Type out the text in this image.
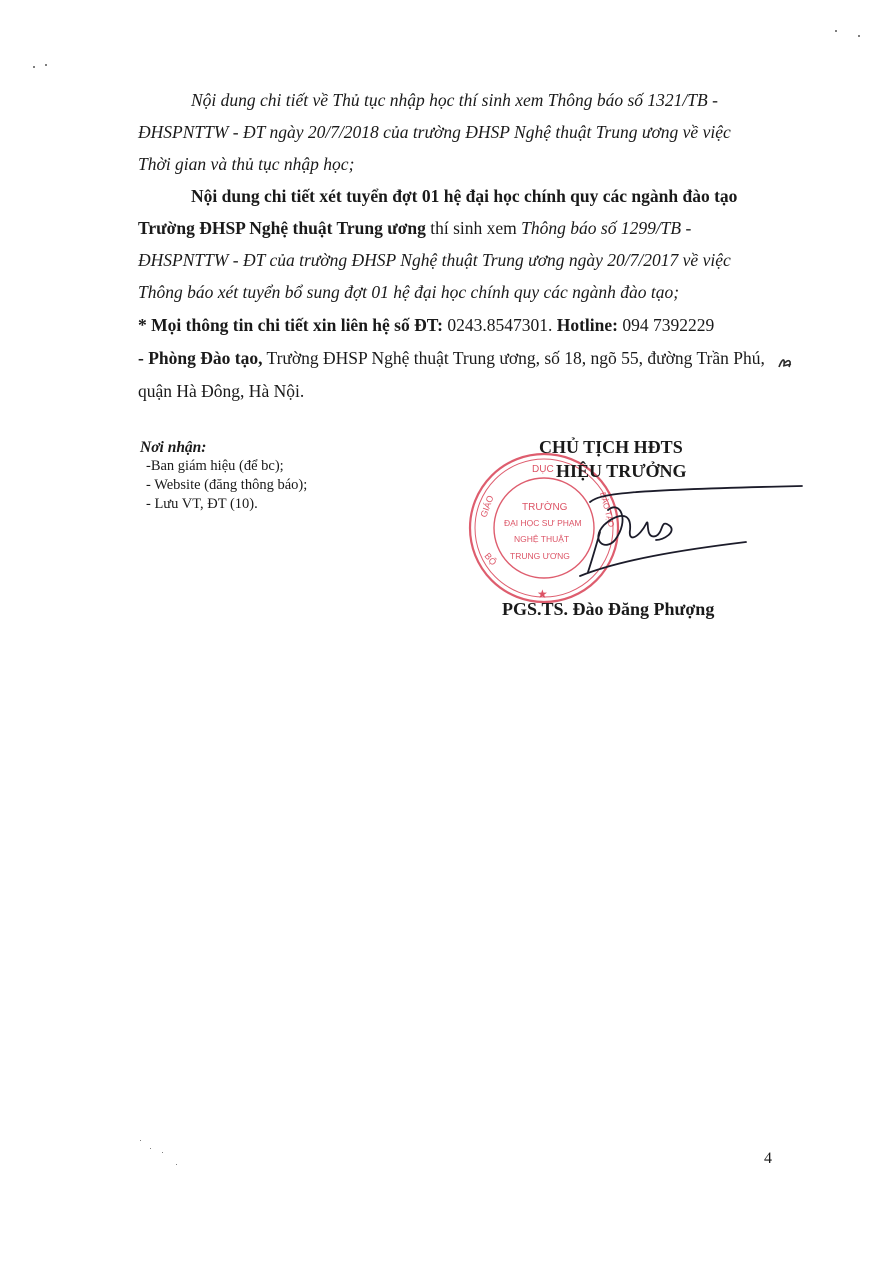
Nội dung chi tiết về Thủ tục nhập học thí sinh xem Thông báo số 1321/TB -
ĐHSPNTTW - ĐT ngày 20/7/2018 của trường ĐHSP Nghệ thuật Trung ương về việc
Thời gian và thủ tục nhập học;
Nội dung chi tiết xét tuyển đợt 01 hệ đại học chính quy các ngành đào tạo
Trường ĐHSP Nghệ thuật Trung ương thí sinh xem Thông báo số 1299/TB -
ĐHSPNTTW - ĐT của trường ĐHSP Nghệ thuật Trung ương ngày 20/7/2017 về việc
Thông báo xét tuyển bổ sung đợt 01 hệ đại học chính quy các ngành đào tạo;
* Mọi thông tin chi tiết xin liên hệ số ĐT: 0243.8547301. Hotline: 094 7392229
- Phòng Đào tạo, Trường ĐHSP Nghệ thuật Trung ương, số 18, ngõ 55, đường Trần Phú,
quận Hà Đông, Hà Nội.
Nơi nhận:
-Ban giám hiệu (để bc);
- Website (đăng thông báo);
- Lưu VT, ĐT (10).
DỤC
GIÁO
BỘ
ĐÀO TẠO
TRƯỜNG
ĐẠI HỌC SƯ PHẠM
NGHỆ THUẬT
TRUNG ƯƠNG
★
CHỦ TỊCH HĐTS
HIỆU TRƯỞNG
PGS.TS. Đào Đăng Phượng
4
